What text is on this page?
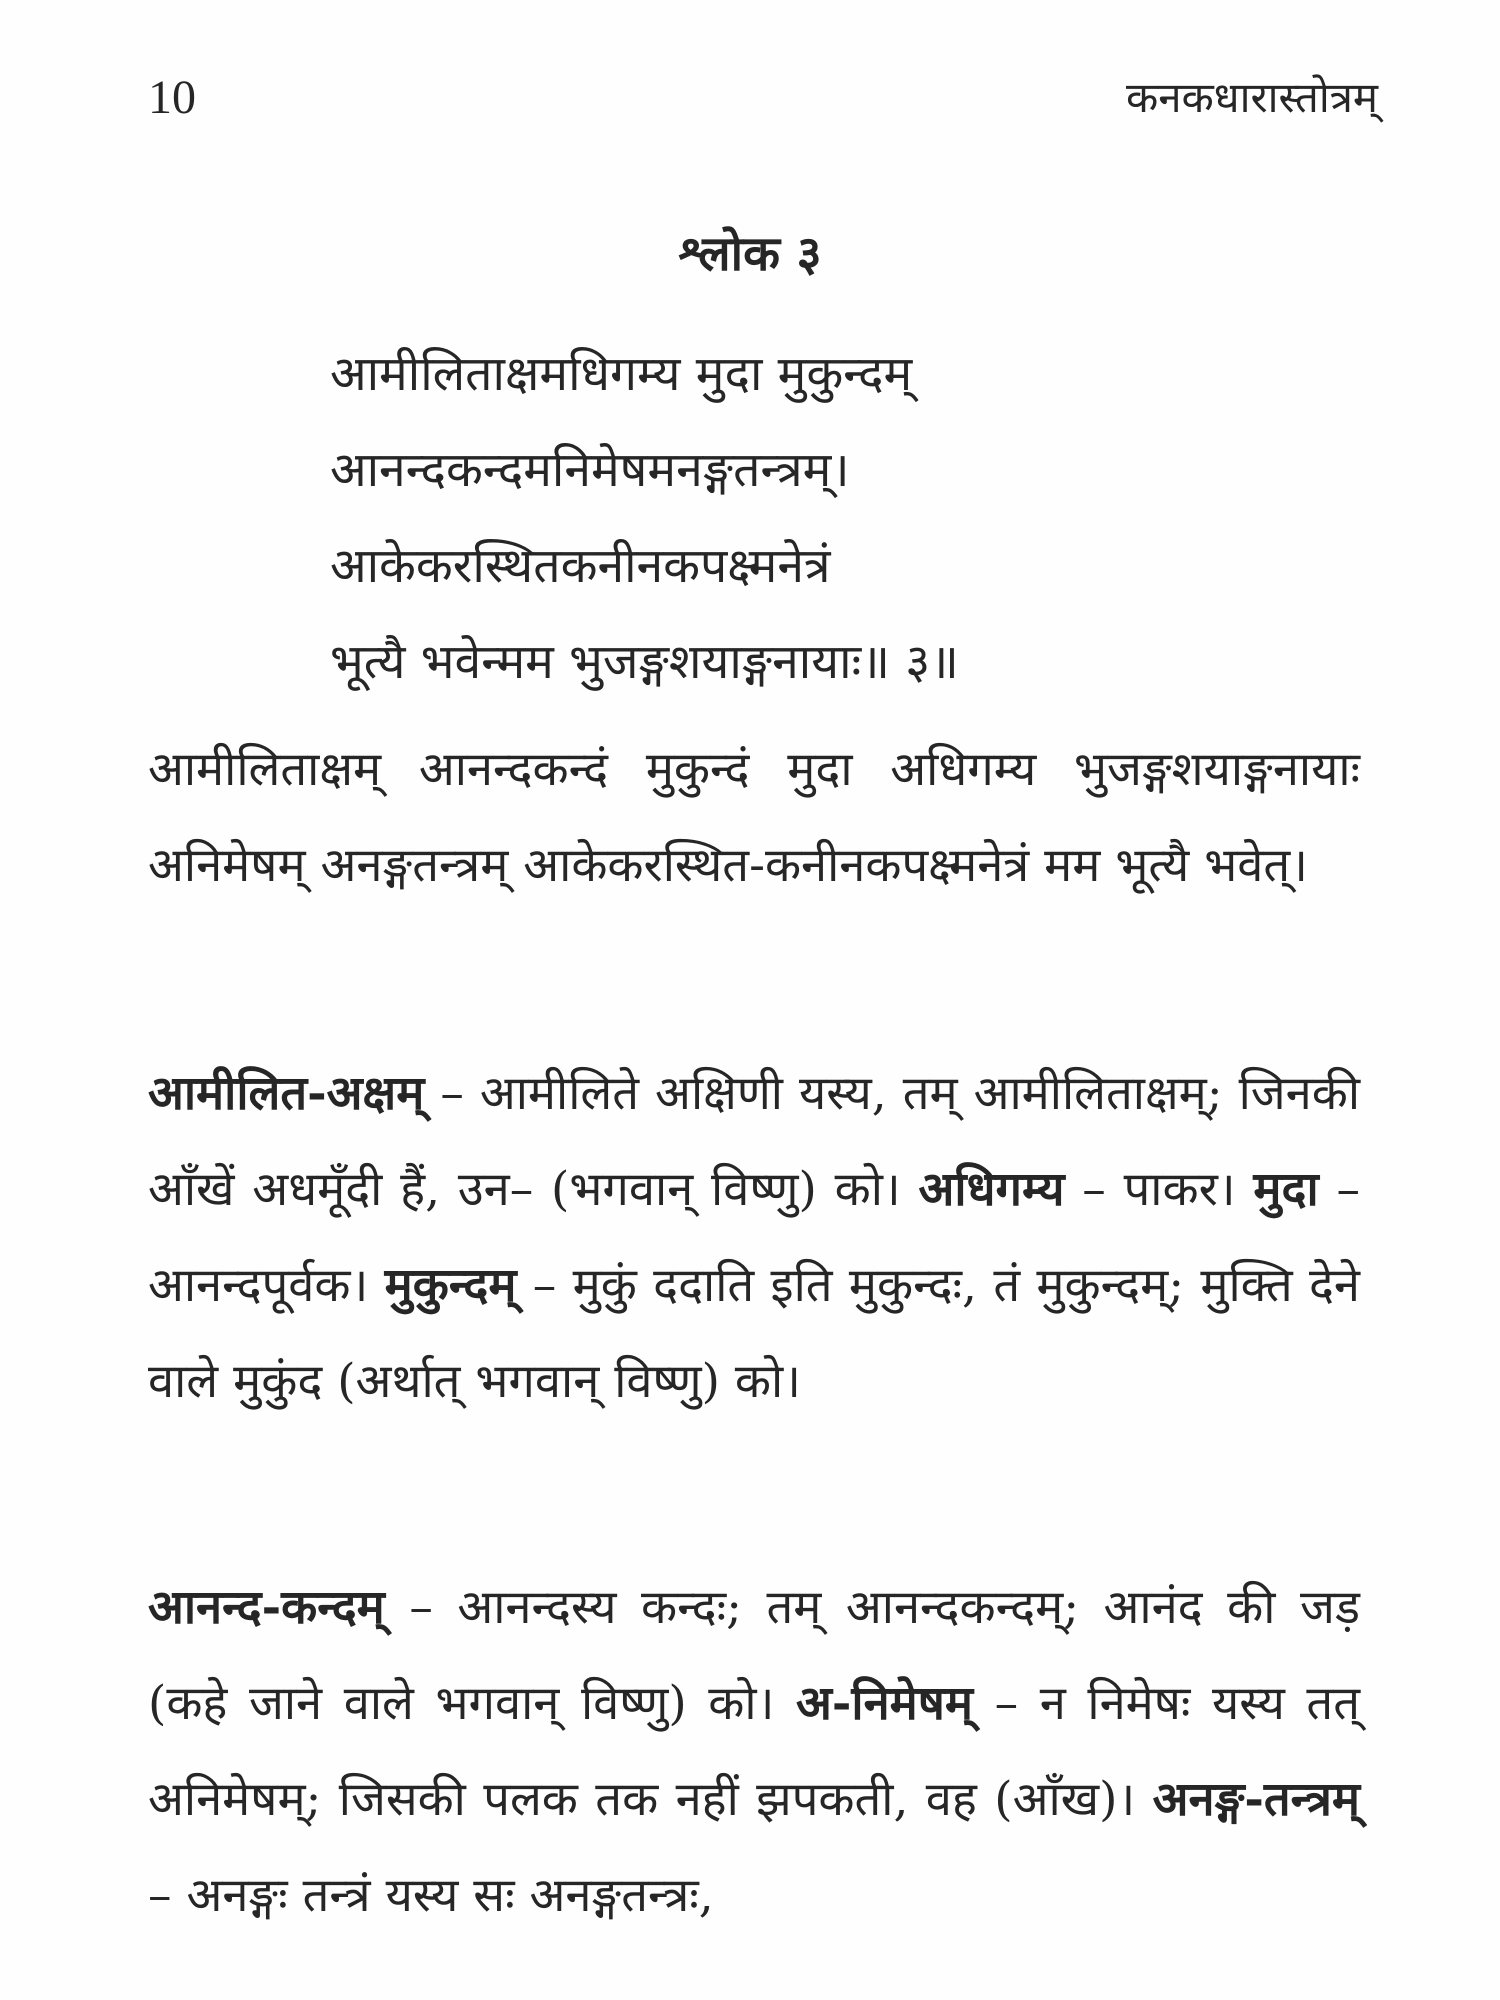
10	कनकधारास्तोत्रम्
श्लोक ३
आमीलिताक्षमधिगम्य मुदा मुकुन्दम्
आनन्दकन्दमनिमेषमनङ्गतन्त्रम्।
आकेकरस्थितकनीनकपक्ष्मनेत्रं
भूत्यै भवेन्मम भुजङ्गशयाङ्गनायाः॥ ३॥

आमीलिताक्षम् आनन्दकन्दं मुकुन्दं मुदा अधिगम्य भुजङ्गशयाङ्गनायाः अनिमेषम् अनङ्गतन्त्रम् आकेकरस्थित-कनीनकपक्ष्मनेत्रं मम भूत्यै भवेत्।

आमीलित-अक्षम् – आमीलिते अक्षिणी यस्य, तम् आमीलिताक्षम्; जिनकी आँखें अधमूँदी हैं, उन– (भगवान् विष्णु) को। अधिगम्य – पाकर। मुदा – आनन्दपूर्वक। मुकुन्दम् – मुकुं ददाति इति मुकुन्दः, तं मुकुन्दम्; मुक्ति देने वाले मुकुंद (अर्थात् भगवान् विष्णु) को।

आनन्द-कन्दम् – आनन्दस्य कन्दः; तम् आनन्दकन्दम्; आनंद की जड़ (कहे जाने वाले भगवान् विष्णु) को। अ-निमेषम् – न निमेषः यस्य तत् अनिमेषम्; जिसकी पलक तक नहीं झपकती, वह (आँख)। अनङ्ग-तन्त्रम् – अनङ्गः तन्त्रं यस्य सः अनङ्गतन्त्रः,
